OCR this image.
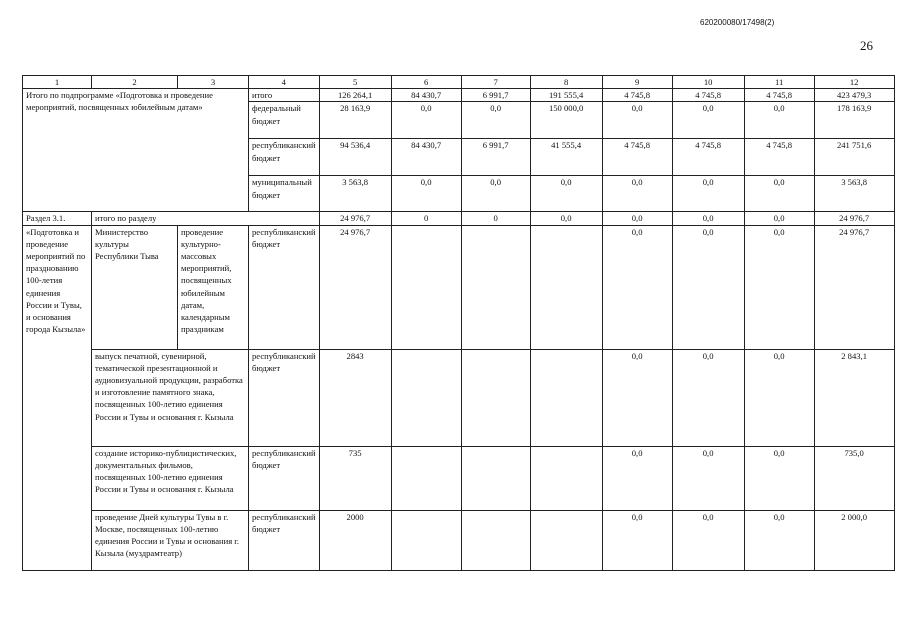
620200080/17498(2)
26
1	2	3	4	5	6	7	8	9	10	11	12
Итого по подпрограмме «Подготовка и проведение мероприятий, посвященных юбилейным датам»			итого	126 264,1	84 430,7	6 991,7	191 555,4	4 745,8	4 745,8	4 745,8	423 479,3
			федеральный бюджет	28 163,9	0,0	0,0	150 000,0	0,0	0,0	0,0	178 163,9
			республиканский бюджет	94 536,4	84 430,7	6 991,7	41 555,4	4 745,8	4 745,8	4 745,8	241 751,6
			муниципальный бюджет	3 563,8	0,0	0,0	0,0	0,0	0,0	0,0	3 563,8
Раздел 3.1.	итого по разделу			24 976,7	0	0	0,0	0,0	0,0	0,0	24 976,7
«Подготовка и проведение мероприятий по празднованию 100-летия единения России и Тувы, и основания города Кызыла»	Министерство культуры Республики Тыва	проведение культурно-массовых мероприятий, посвященных юбилейным датам, календарным праздникам	республиканский бюджет	24 976,7				0,0	0,0	0,0	24 976,7
	выпуск печатной, сувенирной, тематической презентационной и аудиовизуальной продукции, разработка и изготовление памятного знака, посвященных 100-летию единения России и Тувы и основания г. Кызыла		республиканский бюджет	2843				0,0	0,0	0,0	2 843,1
	создание историко-публицистических, документальных фильмов, посвященных 100-летию единения России и Тувы и основания г. Кызыла		республиканский бюджет	735				0,0	0,0	0,0	735,0
	проведение Дней культуры Тувы в г. Москве, посвященных 100-летию единения России и Тувы и основания г. Кызыла (муздрамтеатр)		республиканский бюджет	2000				0,0	0,0	0,0	2 000,0
